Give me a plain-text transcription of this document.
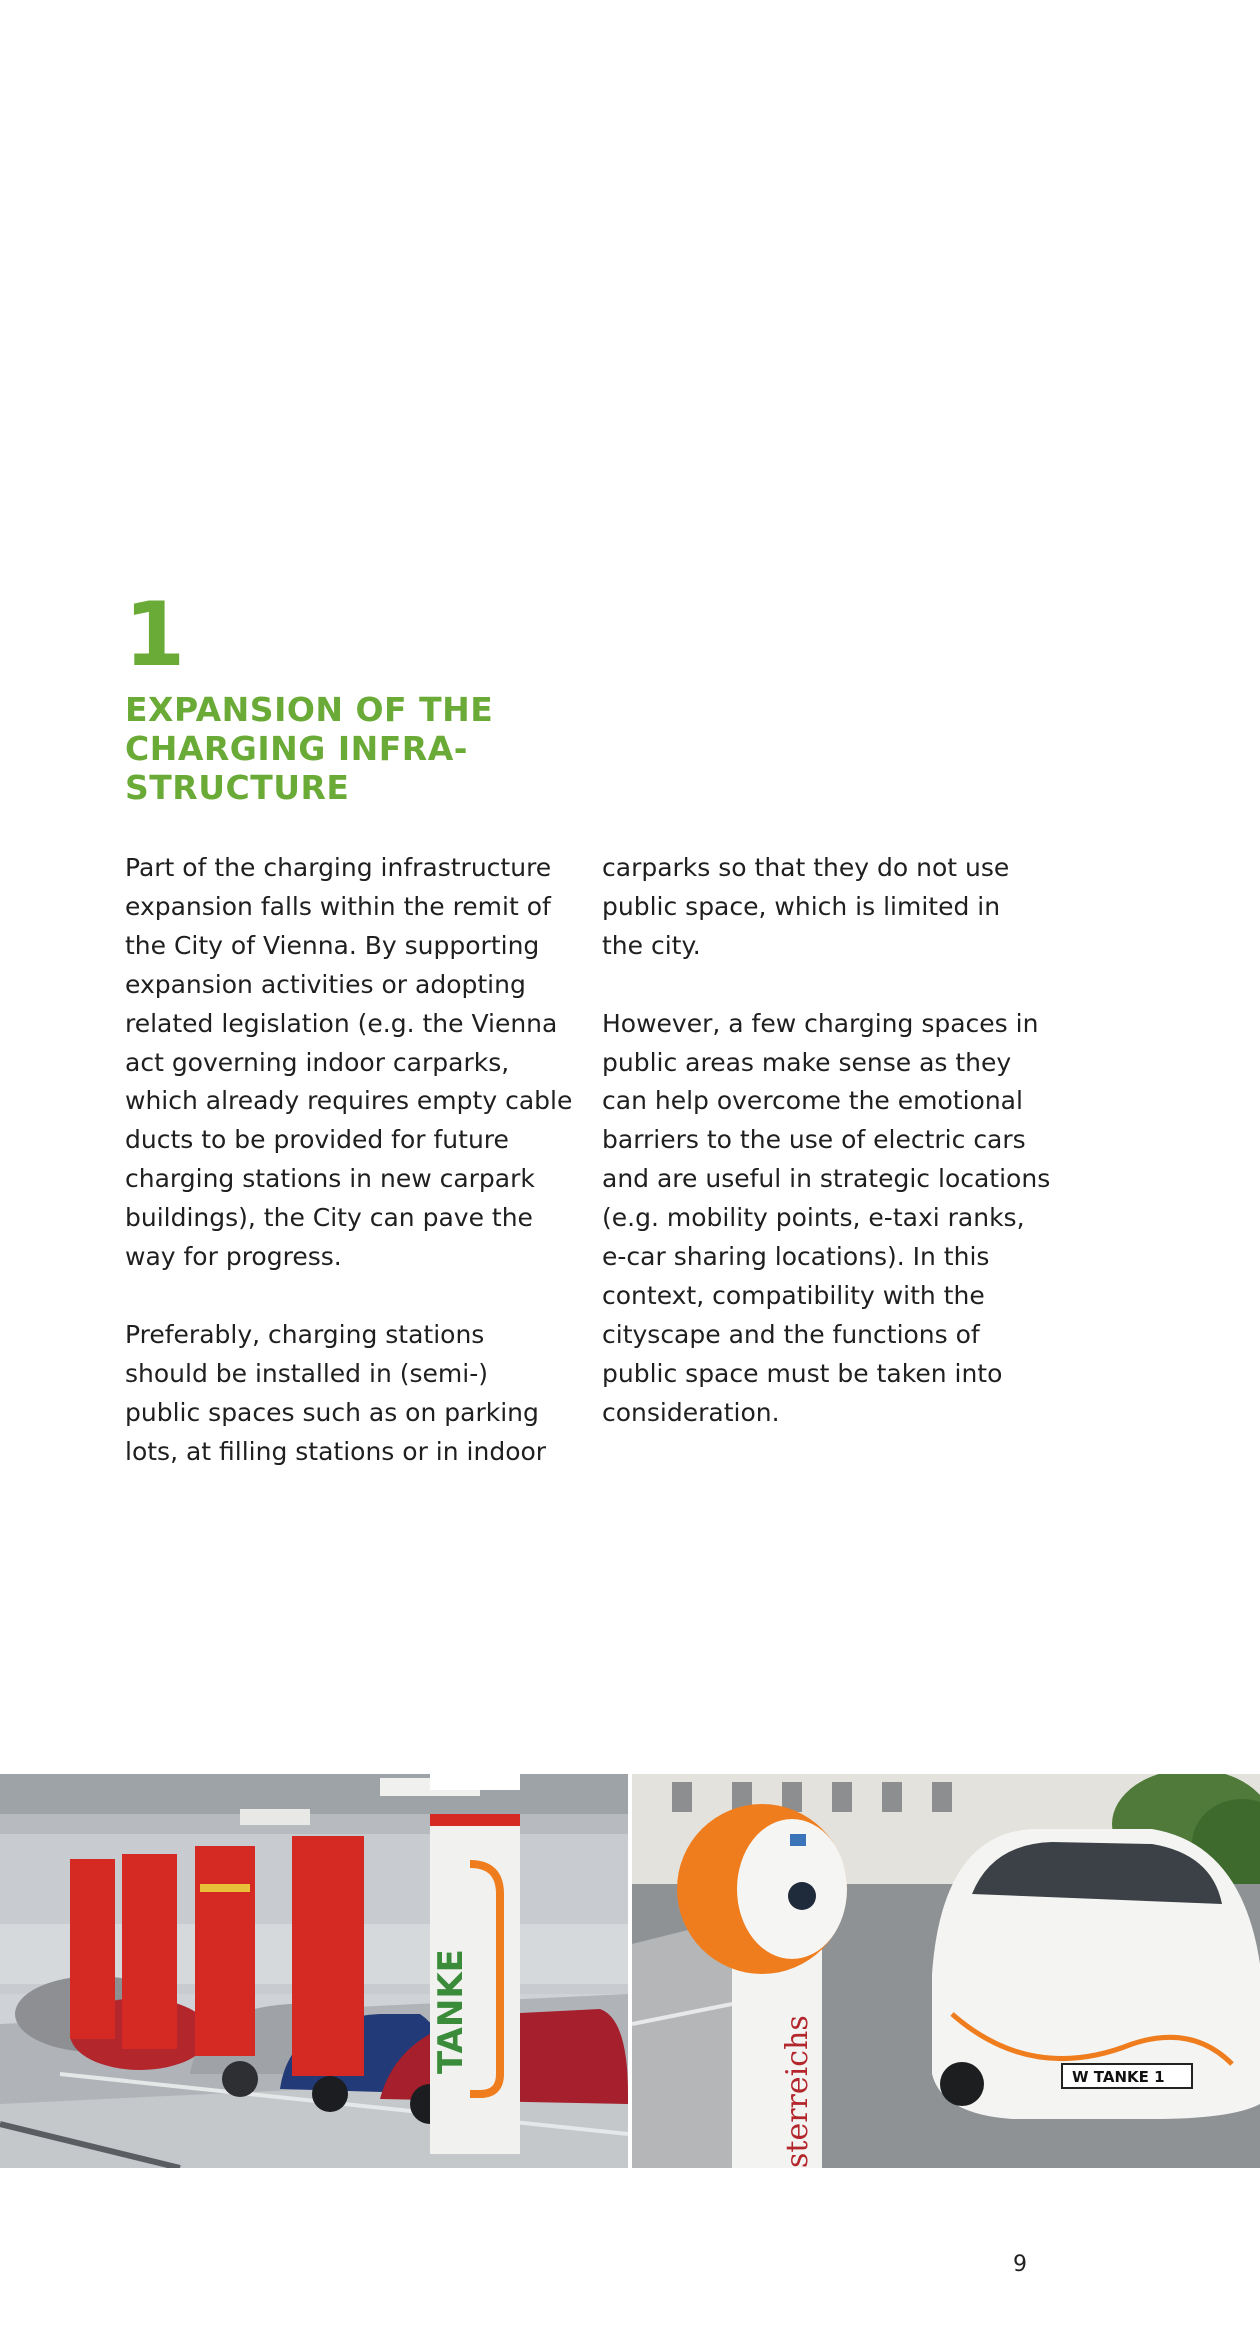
1
EXPANSION OF THE
CHARGING INFRA-
STRUCTURE

Part of the charging infrastructure
expansion falls within the remit of
the City of Vienna. By supporting
expansion activities or adopting
related legislation (e.g. the Vienna
act governing indoor carparks,
which already requires empty cable
ducts to be provided for future
charging stations in new carpark
buildings), the City can pave the
way for progress.

Preferably, charging stations
should be installed in (semi-)
public spaces such as on parking
lots, at filling stations or in indoor

carparks so that they do not use
public space, which is limited in
the city.

However, a few charging spaces in
public areas make sense as they
can help overcome the emotional
barriers to the use of electric cars
and are useful in strategic locations
(e.g. mobility points, e-taxi ranks,
e-car sharing locations). In this
context, compatibility with the
cityscape and the functions of
public space must be taken into
consideration.

TANKE
W TANKE 1
sterreichs
9
